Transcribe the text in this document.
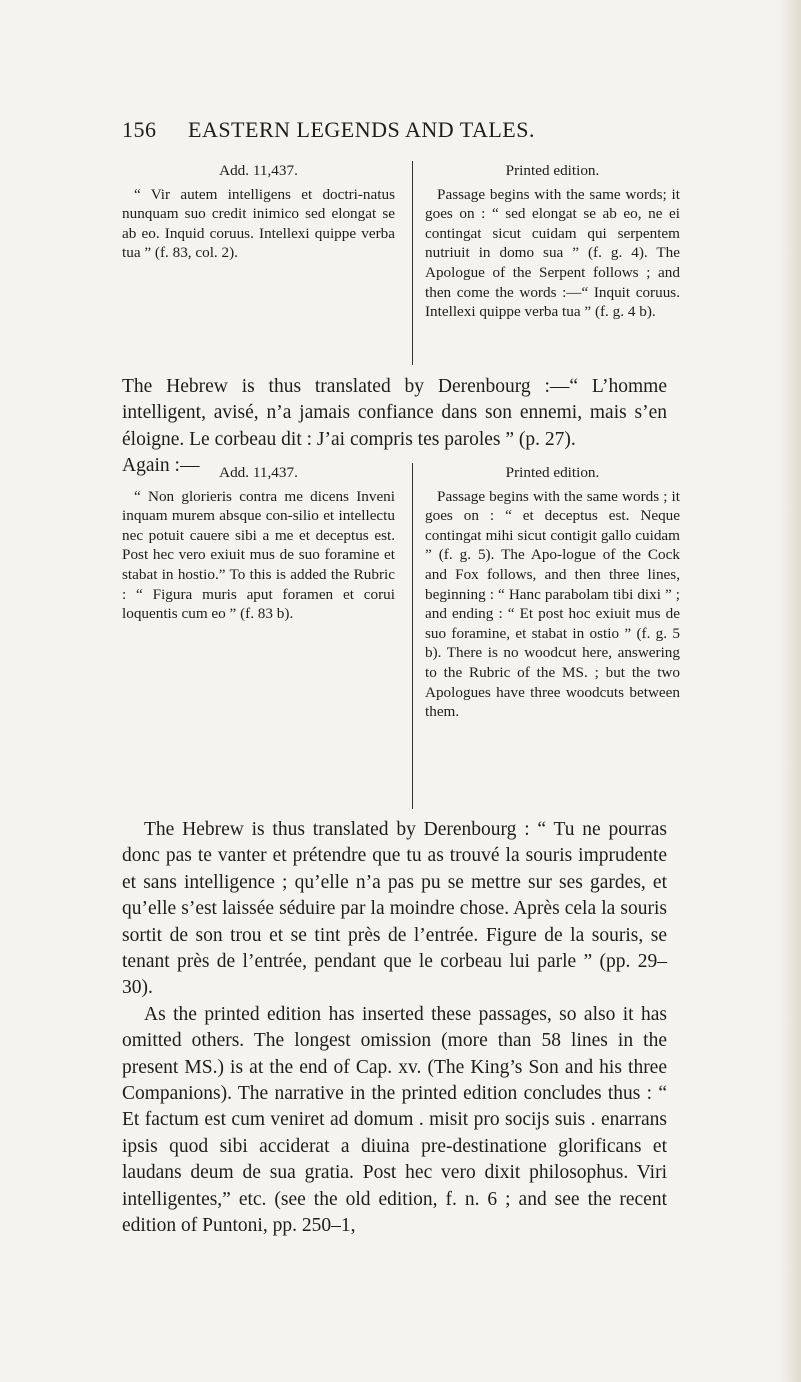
156 EASTERN LEGENDS AND TALES.
Add. 11,437.

“ Vir autem intelligens et doctri-natus nunquam suo credit inimico sed elongat se ab eo. Inquid coruus. Intellexi quippe verba tua ” (f. 83, col. 2).

Printed edition.

Passage begins with the same words; it goes on : “ sed elongat se ab eo, ne ei contingat sicut cuidam qui serpentem nutriuit in domo sua ” (f. g. 4). The Apologue of the Serpent follows ; and then come the words :—“ Inquit coruus. Intellexi quippe verba tua ” (f. g. 4 b).

The Hebrew is thus translated by Derenbourg :—“ L’homme intelligent, avisé, n’a jamais confiance dans son ennemi, mais s’en éloigne. Le corbeau dit : J’ai compris tes paroles ” (p. 27).

Again :—	Add. 11,437.

“ Non glorieris contra me dicens Inveni inquam murem absque con-silio et intellectu nec potuit cauere sibi a me et deceptus est. Post hec vero exiuit mus de suo foramine et stabat in hostio.” To this is added the Rubric : “ Figura muris aput foramen et corui loquentis cum eo ” (f. 83 b).

Printed edition.

Passage begins with the same words ; it goes on : “ et deceptus est. Neque contingat mihi sicut contigit gallo cuidam ” (f. g. 5). The Apo-logue of the Cock and Fox follows, and then three lines, beginning : “ Hanc parabolam tibi dixi ” ; and ending : “ Et post hoc exiuit mus de suo foramine, et stabat in ostio ” (f. g. 5 b). There is no woodcut here, answering to the Rubric of the MS. ; but the two Apologues have three woodcuts between them.

The Hebrew is thus translated by Derenbourg : “ Tu ne pourras donc pas te vanter et prétendre que tu as trouvé la souris imprudente et sans intelligence ; qu’elle n’a pas pu se mettre sur ses gardes, et qu’elle s’est laissée séduire par la moindre chose. Après cela la souris sortit de son trou et se tint près de l’entrée. Figure de la souris, se tenant près de l’entrée, pendant que le corbeau lui parle ” (pp. 29–30).

As the printed edition has inserted these passages, so also it has omitted others. The longest omission (more than 58 lines in the present MS.) is at the end of Cap. xv. (The King’s Son and his three Companions). The narrative in the printed edition concludes thus : “ Et factum est cum veniret ad domum . misit pro socijs suis . enarrans ipsis quod sibi acciderat a diuina pre-destinatione glorificans et laudans deum de sua gratia. Post hec vero dixit philosophus. Viri intelligentes,” etc. (see the old edition, f. n. 6 ; and see the recent edition of Puntoni, pp. 250–1,
